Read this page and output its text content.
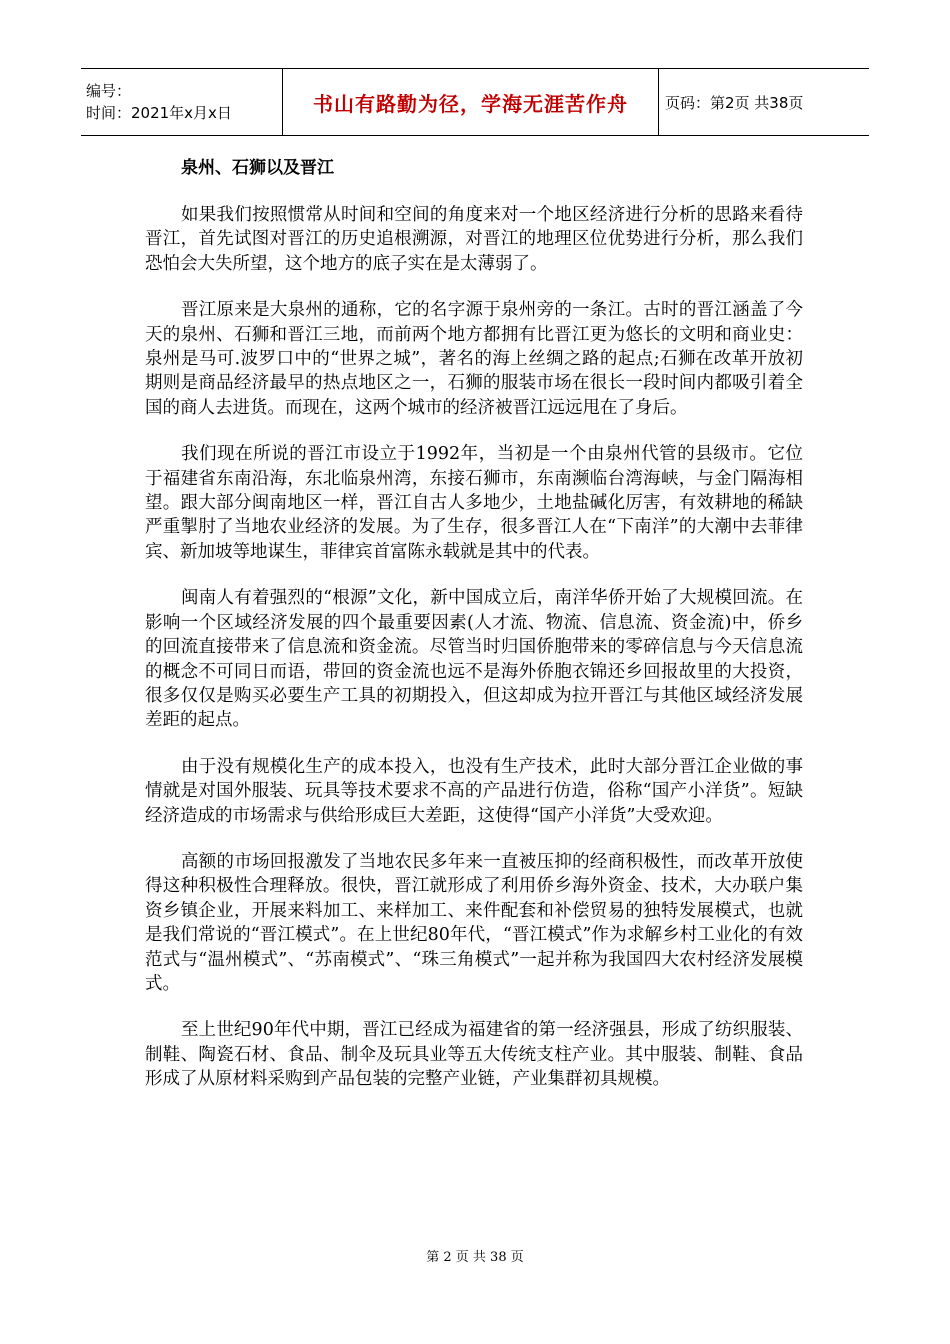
编号：
时间：2021年x月x日	书山有路勤为径，学海无涯苦作舟	页码：第2页 共38页
泉州、石狮以及晋江

如果我们按照惯常从时间和空间的角度来对一个地区经济进行分析的思路来看待晋江，首先试图对晋江的历史追根溯源，对晋江的地理区位优势进行分析，那么我们恐怕会大失所望，这个地方的底子实在是太薄弱了。

晋江原来是大泉州的通称，它的名字源于泉州旁的一条江。古时的晋江涵盖了今天的泉州、石狮和晋江三地，而前两个地方都拥有比晋江更为悠长的文明和商业史：泉州是马可.波罗口中的“世界之城”，著名的海上丝绸之路的起点;石狮在改革开放初期则是商品经济最早的热点地区之一，石狮的服装市场在很长一段时间内都吸引着全国的商人去进货。而现在，这两个城市的经济被晋江远远甩在了身后。

我们现在所说的晋江市设立于1992年，当初是一个由泉州代管的县级市。它位于福建省东南沿海，东北临泉州湾，东接石狮市，东南濒临台湾海峡，与金门隔海相望。跟大部分闽南地区一样，晋江自古人多地少，土地盐碱化厉害，有效耕地的稀缺严重掣肘了当地农业经济的发展。为了生存，很多晋江人在“下南洋”的大潮中去菲律宾、新加坡等地谋生，菲律宾首富陈永载就是其中的代表。

闽南人有着强烈的“根源”文化，新中国成立后，南洋华侨开始了大规模回流。在影响一个区域经济发展的四个最重要因素(人才流、物流、信息流、资金流)中，侨乡的回流直接带来了信息流和资金流。尽管当时归国侨胞带来的零碎信息与今天信息流的概念不可同日而语，带回的资金流也远不是海外侨胞衣锦还乡回报故里的大投资，很多仅仅是购买必要生产工具的初期投入，但这却成为拉开晋江与其他区域经济发展差距的起点。

由于没有规模化生产的成本投入，也没有生产技术，此时大部分晋江企业做的事情就是对国外服装、玩具等技术要求不高的产品进行仿造，俗称“国产小洋货”。短缺经济造成的市场需求与供给形成巨大差距，这使得“国产小洋货”大受欢迎。

高额的市场回报激发了当地农民多年来一直被压抑的经商积极性，而改革开放使得这种积极性合理释放。很快，晋江就形成了利用侨乡海外资金、技术，大办联户集资乡镇企业，开展来料加工、来样加工、来件配套和补偿贸易的独特发展模式，也就是我们常说的“晋江模式”。在上世纪80年代，“晋江模式”作为求解乡村工业化的有效范式与“温州模式”、“苏南模式”、“珠三角模式”一起并称为我国四大农村经济发展模式。

至上世纪90年代中期，晋江已经成为福建省的第一经济强县，形成了纺织服装、制鞋、陶瓷石材、食品、制伞及玩具业等五大传统支柱产业。其中服装、制鞋、食品形成了从原材料采购到产品包装的完整产业链，产业集群初具规模。

第 2 页 共 38 页
